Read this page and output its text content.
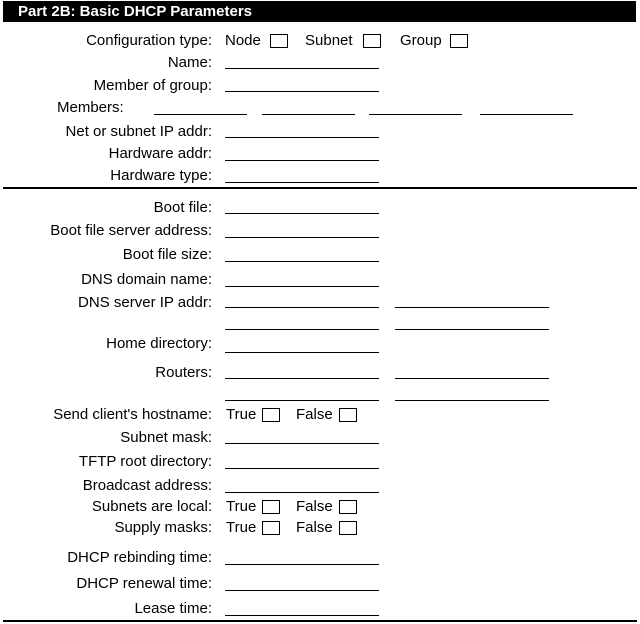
Part 2B: Basic DHCP Parameters
Configuration type: Node	Subnet	Group
Name:
Member of group:
Members:
Net or subnet IP addr:
Hardware addr:
Hardware type:
Boot file:
Boot file server address:
Boot file size:
DNS domain name:
DNS server IP addr:
Home directory:
Routers:
Send client's hostname: True	False
Subnet mask:
TFTP root directory:
Broadcast address:
Subnets are local: True	False
Supply masks: True	False
DHCP rebinding time:
DHCP renewal time:
Lease time:
